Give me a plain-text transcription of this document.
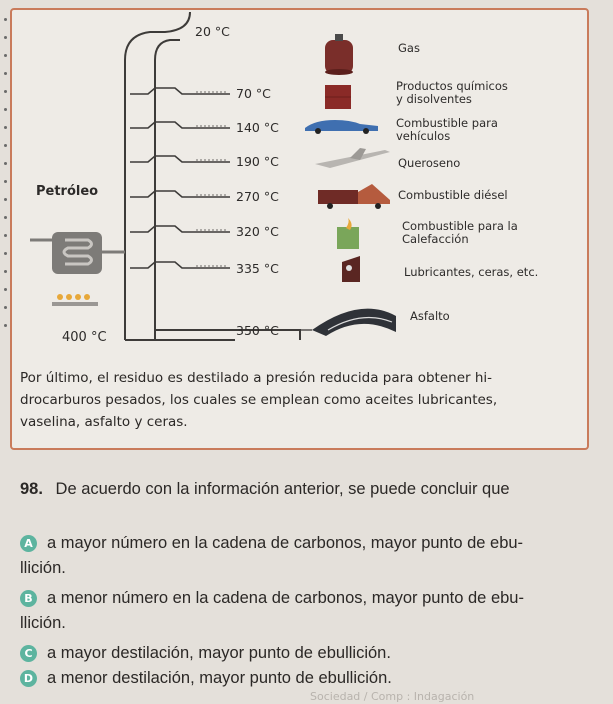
20 °C
70 °C
140 °C
190 °C
270 °C
320 °C
335 °C
350 °C
Petróleo
400 °C
Gas
Productos químicos
y disolventes
Combustible para
vehículos
Queroseno
Combustible diésel
Combustible para la
Calefacción
Lubricantes, ceras, etc.
Asfalto
Por último, el residuo es destilado a presión reducida para obtener hi-
drocarburos pesados, los cuales se emplean como aceites lubricantes,
vaselina, asfalto y ceras.
98. De acuerdo con la información anterior, se puede concluir que
A a mayor número en la cadena de carbonos, mayor punto de ebu-
llición.
B a menor número en la cadena de carbonos, mayor punto de ebu-
llición.
C a mayor destilación, mayor punto de ebullición.
D a menor destilación, mayor punto de ebullición.
Sociedad / Comp : Indagación
